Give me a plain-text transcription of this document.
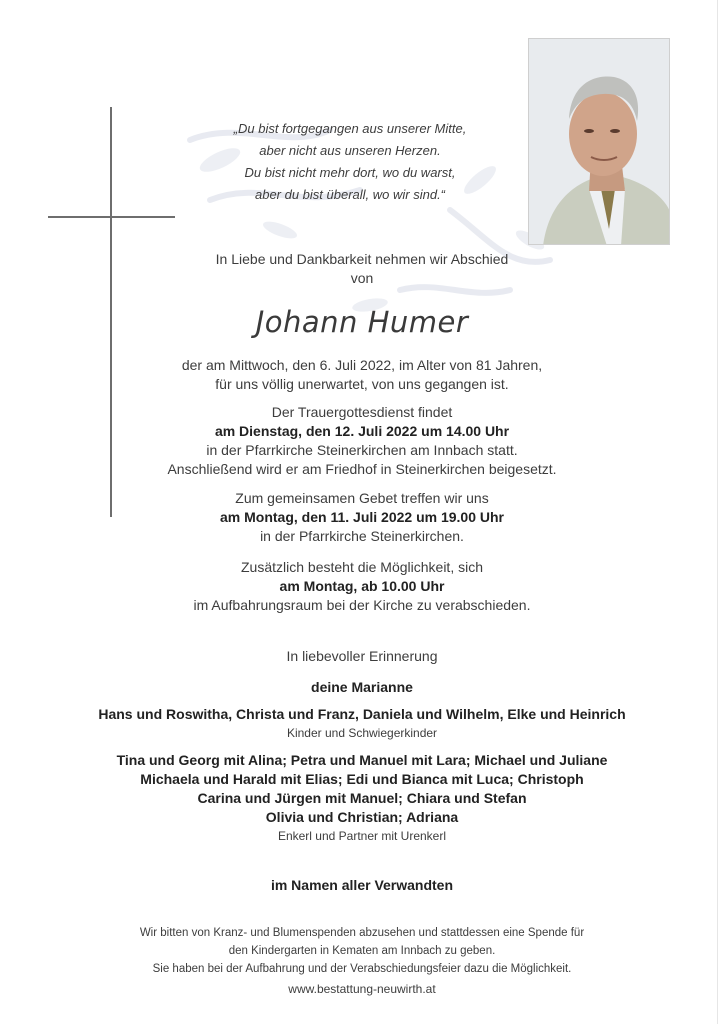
„Du bist fortgegangen aus unserer Mitte,
aber nicht aus unseren Herzen.
Du bist nicht mehr dort, wo du warst,
aber du bist überall, wo wir sind.“
In Liebe und Dankbarkeit nehmen wir Abschied
von
Johann Humer
der am Mittwoch, den 6. Juli 2022, im Alter von 81 Jahren,
für uns völlig unerwartet, von uns gegangen ist.
Der Trauergottesdienst findet
am Dienstag, den 12. Juli 2022 um 14.00 Uhr
in der Pfarrkirche Steinerkirchen am Innbach statt.
Anschließend wird er am Friedhof in Steinerkirchen beigesetzt.
Zum gemeinsamen Gebet treffen wir uns
am Montag, den 11. Juli 2022 um 19.00 Uhr
in der Pfarrkirche Steinerkirchen.
Zusätzlich besteht die Möglichkeit, sich
am Montag, ab 10.00 Uhr
im Aufbahrungsraum bei der Kirche zu verabschieden.
In liebevoller Erinnerung
deine Marianne
Hans und Roswitha, Christa und Franz, Daniela und Wilhelm, Elke und Heinrich
Kinder und Schwiegerkinder
Tina und Georg mit Alina; Petra und Manuel mit Lara; Michael und Juliane
Michaela und Harald mit Elias; Edi und Bianca mit Luca; Christoph
Carina und Jürgen mit Manuel; Chiara und Stefan
Olivia und Christian; Adriana
Enkerl und Partner mit Urenkerl
im Namen aller Verwandten
Wir bitten von Kranz- und Blumenspenden abzusehen und stattdessen eine Spende für
den Kindergarten in Kematen am Innbach zu geben.
Sie haben bei der Aufbahrung und der Verabschiedungsfeier dazu die Möglichkeit.
www.bestattung-neuwirth.at
